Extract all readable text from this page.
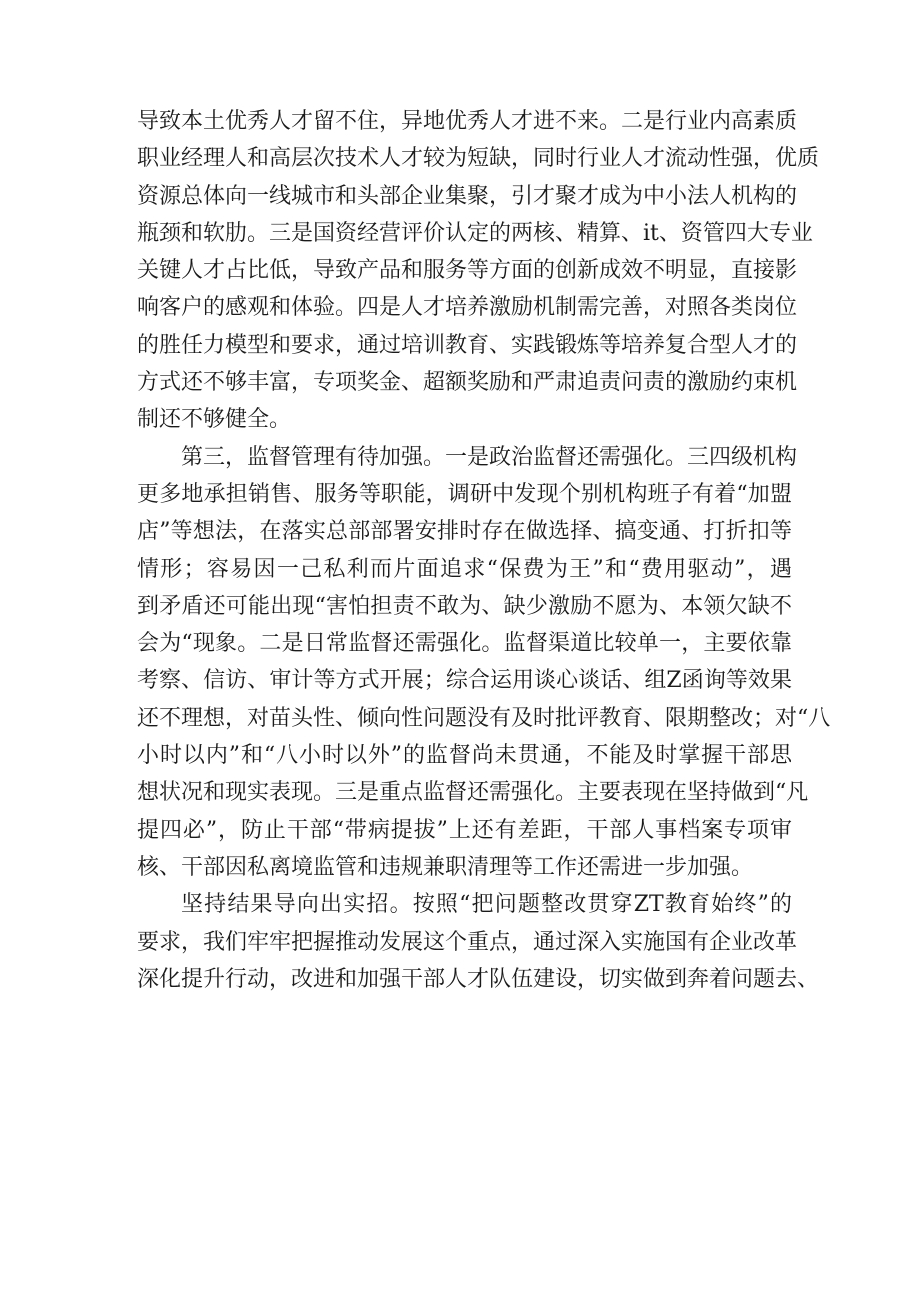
导致本土优秀人才留不住，异地优秀人才进不来。二是行业内高素质
职业经理人和高层次技术人才较为短缺，同时行业人才流动性强，优质
资源总体向一线城市和头部企业集聚，引才聚才成为中小法人机构的
瓶颈和软肋。三是国资经营评价认定的两核、精算、it、资管四大专业
关键人才占比低，导致产品和服务等方面的创新成效不明显，直接影
响客户的感观和体验。四是人才培养激励机制需完善，对照各类岗位
的胜任力模型和要求，通过培训教育、实践锻炼等培养复合型人才的
方式还不够丰富，专项奖金、超额奖励和严肃追责问责的激励约束机
制还不够健全。
第三，监督管理有待加强。一是政治监督还需强化。三四级机构
更多地承担销售、服务等职能，调研中发现个别机构班子有着“加盟
店”等想法，在落实总部部署安排时存在做选择、搞变通、打折扣等
情形；容易因一己私利而片面追求“保费为王”和“费用驱动”，遇
到矛盾还可能出现“害怕担责不敢为、缺少激励不愿为、本领欠缺不
会为“现象。二是日常监督还需强化。监督渠道比较单一，主要依靠
考察、信访、审计等方式开展；综合运用谈心谈话、组Z函询等效果
还不理想，对苗头性、倾向性问题没有及时批评教育、限期整改；对“八
小时以内”和“八小时以外”的监督尚未贯通，不能及时掌握干部思
想状况和现实表现。三是重点监督还需强化。主要表现在坚持做到“凡
提四必”，防止干部“带病提拔”上还有差距，干部人事档案专项审
核、干部因私离境监管和违规兼职清理等工作还需进一步加强。
坚持结果导向出实招。按照“把问题整改贯穿ZT教育始终”的
要求，我们牢牢把握推动发展这个重点，通过深入实施国有企业改革
深化提升行动，改进和加强干部人才队伍建设，切实做到奔着问题去、
